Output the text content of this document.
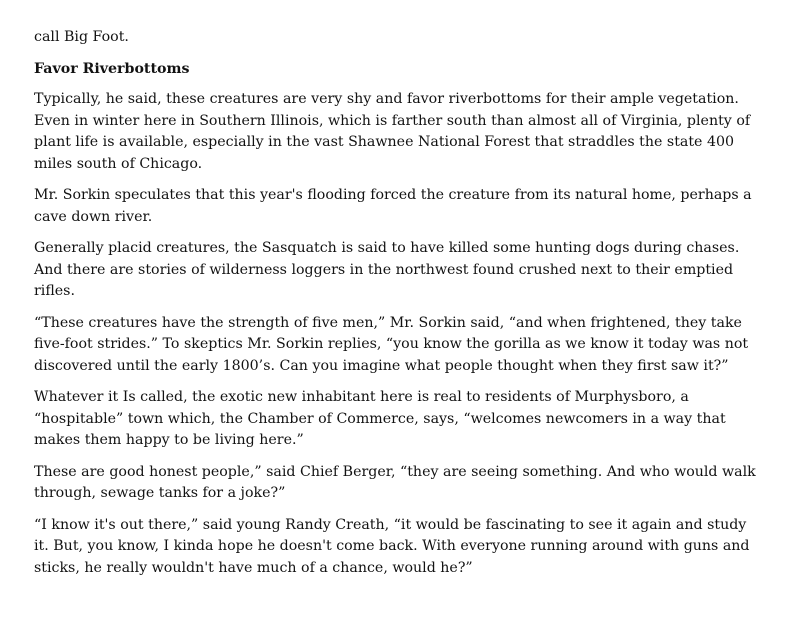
call Big Foot.

Favor Riverbottoms

Typically, he said, these creatures are very shy and favor riverbottoms for their ample vegetation. Even in winter here in Southern Illinois, which is farther south than almost all of Virginia, plenty of plant life is available, especially in the vast Shawnee National Forest that straddles the state 400 miles south of Chicago.

Mr. Sorkin speculates that this year's flooding forced the creature from its natural home, perhaps a cave down river.

Generally placid creatures, the Sasquatch is said to have killed some hunting dogs during chases. And there are stories of wilderness loggers in the northwest found crushed next to their emptied rifles.

“These creatures have the strength of five men,” Mr. Sorkin said, “and when frightened, they take five-foot strides.” To skeptics Mr. Sorkin replies, “you know the gorilla as we know it today was not discovered until the early 1800’s. Can you imagine what people thought when they first saw it?”

Whatever it Is called, the exotic new inhabitant here is real to residents of Murphysboro, a “hospitable” town which, the Chamber of Commerce, says, “welcomes newcomers in a way that makes them happy to be living here.”

These are good honest people,” said Chief Berger, “they are seeing something. And who would walk through, sewage tanks for a joke?”

“I know it's out there,” said young Randy Creath, “it would be fascinating to see it again and study it. But, you know, I kinda hope he doesn't come back. With everyone running around with guns and sticks, he really wouldn't have much of a chance, would he?”
